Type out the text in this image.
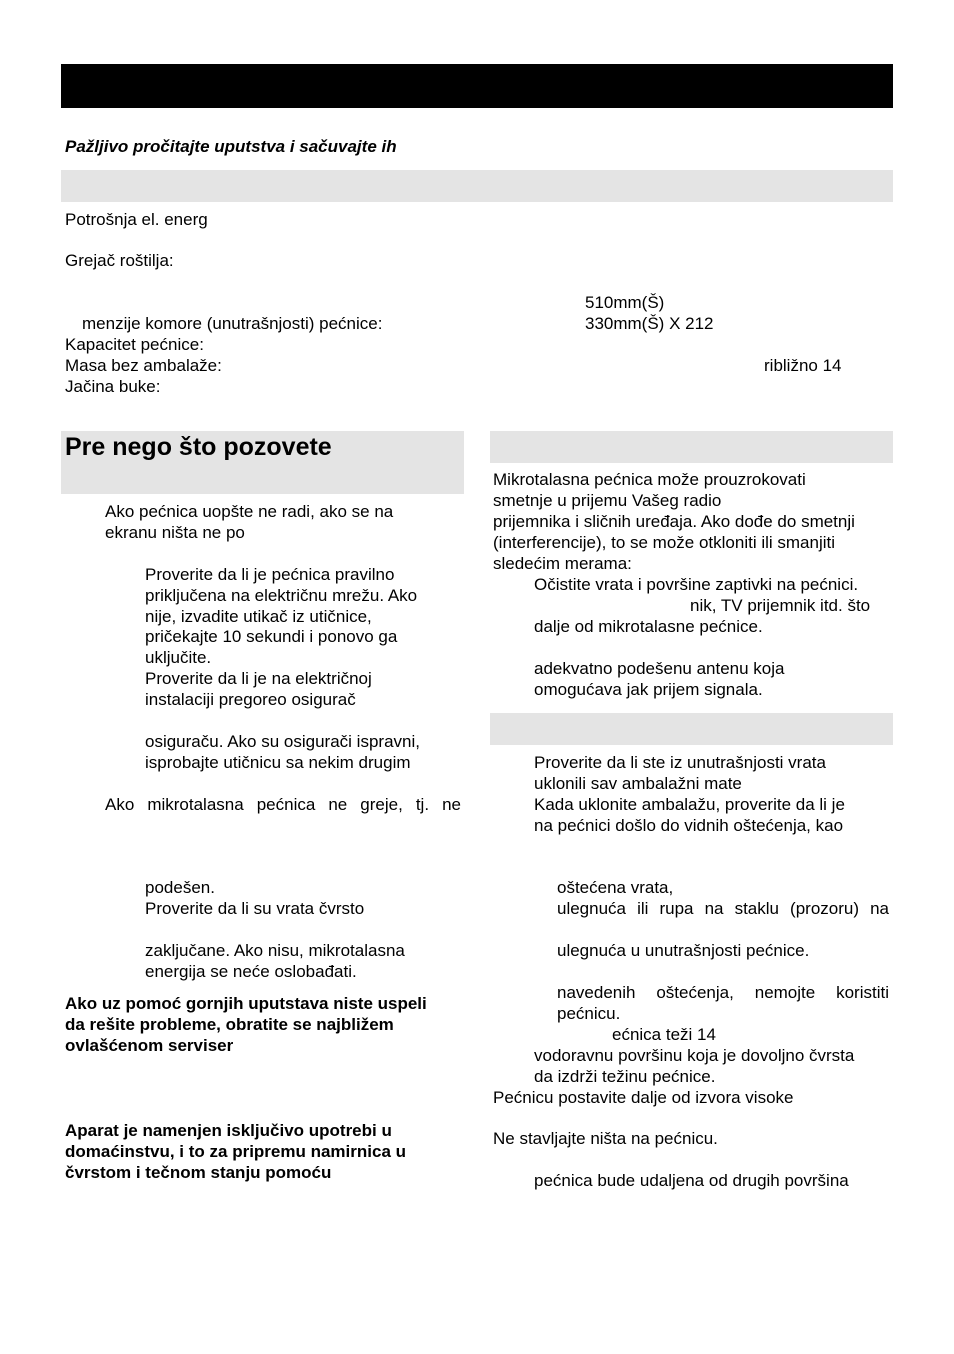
Pažljivo pročitajte uputstva i sačuvajte ih
Potrošnja el. energ
Grejač roštilja:
510mm(Š)
menzije komore (unutrašnjosti) pećnice:	330mm(Š) X 212
Kapacitet pećnice:
Masa bez ambalaže:	ribližno 14
Jačina buke:
Pre nego što pozovete
Ako pećnica uopšte ne radi, ako se na
ekranu ništa ne po
Proverite da li je pećnica pravilno
priključena na električnu mrežu. Ako
nije, izvadite utikač iz utičnice,
pričekajte 10 sekundi i ponovo ga
uključite.
Proverite da li je na električnoj
instalaciji pregoreo osigurač
osiguraču. Ako su osigurači ispravni,
isprobajte utičnicu sa nekim drugim
Ako mikrotalasna pećnica ne greje, tj. ne
podešen.
Proverite da li su vrata čvrsto
zaključane. Ako nisu, mikrotalasna
energija se neće oslobađati.
Ako uz pomoć gornjih uputstava niste uspeli
da rešite probleme, obratite se najbližem
ovlašćenom serviser
Aparat je namenjen isključivo upotrebi u
domaćinstvu, i to za pripremu namirnica u
čvrstom i tečnom stanju pomoću
Mikrotalasna pećnica može prouzrokovati
smetnje u prijemu Vašeg radio
prijemnika i sličnih uređaja. Ako dođe do smetnji
(interferencije), to se može otkloniti ili smanjiti
sledećim merama:
Očistite vrata i površine zaptivki na pećnici.
nik, TV prijemnik itd. što
dalje od mikrotalasne pećnice.
adekvatno podešenu antenu koja
omogućava jak prijem signala.
Proverite da li ste iz unutrašnjosti vrata
uklonili sav ambalažni mate
Kada uklonite ambalažu, proverite da li je
na pećnici došlo do vidnih oštećenja, kao
oštećena vrata,
ulegnuća ili rupa na staklu (prozoru) na
ulegnuća u unutrašnjosti pećnice.
navedenih oštećenja, nemojte koristiti
pećnicu.
ećnica teži 14
vodoravnu površinu koja je dovoljno čvrsta
da izdrži težinu pećnice.
Pećnicu postavite dalje od izvora visoke
Ne stavljajte ništa na pećnicu.
pećnica bude udaljena od drugih površina
